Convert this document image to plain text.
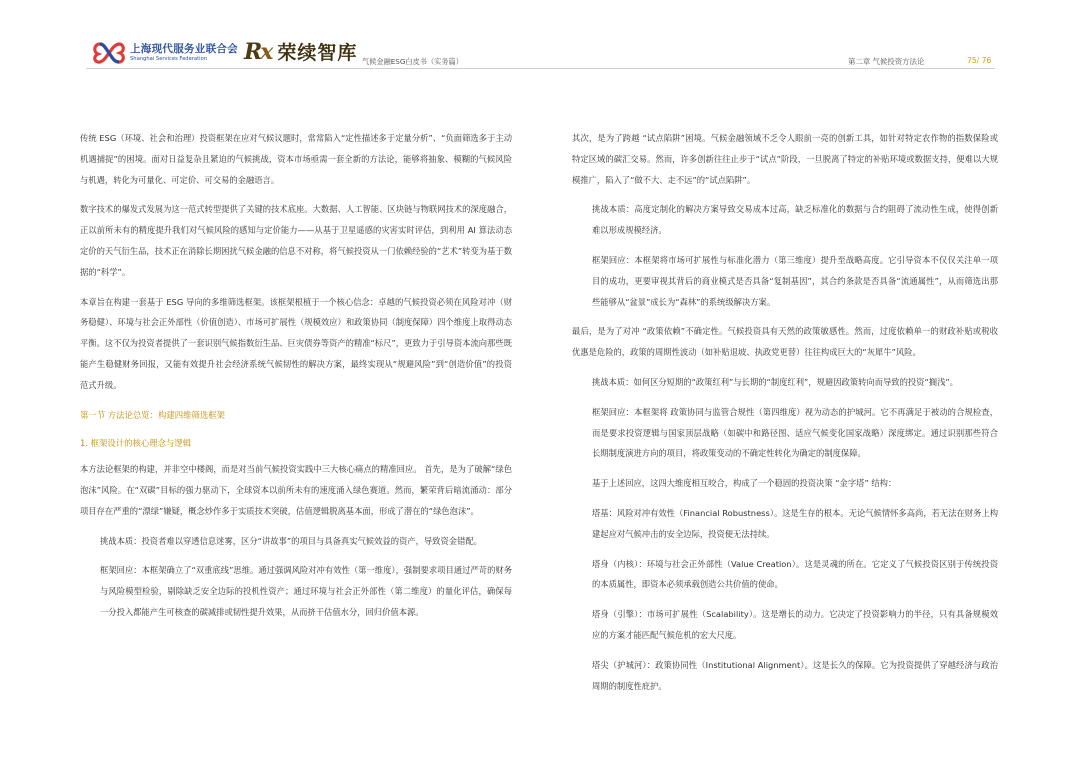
上海现代服务业联合会
Shanghai Services Federation	Rx 荣续智库 气候金融ESG白皮书（实务篇）	第二章 气候投资方法论	75/ 76

传统 ESG（环境、社会和治理）投资框架在应对气候议题时，常常陷入“定性描述多于定量分析”、“负面筛选多于主动机遇捕捉”的困境。面对日益复杂且紧迫的气候挑战，资本市场亟需一套全新的方法论，能够将抽象、模糊的气候风险与机遇，转化为可量化、可定价、可交易的金融语言。

数字技术的爆发式发展为这一范式转型提供了关键的技术底座。大数据、人工智能、区块链与物联网技术的深度融合，正以前所未有的精度提升我们对气候风险的感知与定价能力——从基于卫星遥感的灾害实时评估，到利用 AI 算法动态定价的天气衍生品，技术正在消除长期困扰气候金融的信息不对称，将气候投资从一门依赖经验的“艺术”转变为基于数据的“科学”。

本章旨在构建一套基于 ESG 导向的多维筛选框架。该框架根植于一个核心信念：卓越的气候投资必须在风险对冲（财务稳健）、环境与社会正外部性（价值创造）、市场可扩展性（规模效应）和政策协同（制度保障）四个维度上取得动态平衡。这不仅为投资者提供了一套识别气候指数衍生品、巨灾债券等资产的精准“标尺”，更致力于引导资本流向那些既能产生稳健财务回报，又能有效提升社会经济系统气候韧性的解决方案，最终实现从“规避风险”到“创造价值”的投资范式升级。

第一节 方法论总览：构建四维筛选框架
1. 框架设计的核心理念与逻辑

本方法论框架的构建，并非空中楼阁，而是对当前气候投资实践中三大核心痛点的精准回应。 首先，是为了破解“绿色泡沫”风险。在“双碳”目标的强力驱动下，全球资本以前所未有的速度涌入绿色赛道。然而，繁荣背后暗流涌动：部分项目存在严重的“漂绿”嫌疑，概念炒作多于实质技术突破，估值逻辑脱离基本面，形成了潜在的“绿色泡沫”。

挑战本质：投资者难以穿透信息迷雾，区分“讲故事”的项目与具备真实气候效益的资产，导致资金错配。

框架回应：本框架确立了“双重底线”思维。通过强调风险对冲有效性（第一维度），强制要求项目通过严苛的财务与风险模型检验，剔除缺乏安全边际的投机性资产；通过环境与社会正外部性（第二维度）的量化评估，确保每一分投入都能产生可核查的碳减排或韧性提升效果，从而挤干估值水分，回归价值本源。

其次，是为了跨越 “试点陷阱”困境。气候金融领域不乏令人眼前一亮的创新工具，如针对特定农作物的指数保险或特定区域的碳汇交易。然而，许多创新往往止步于“试点”阶段，一旦脱离了特定的补贴环境或数据支持，便难以大规模推广，陷入了“做不大、走不远”的“试点陷阱”。

挑战本质：高度定制化的解决方案导致交易成本过高，缺乏标准化的数据与合约阻碍了流动性生成，使得创新难以形成规模经济。

框架回应：本框架将市场可扩展性与标准化潜力（第三维度）提升至战略高度。它引导资本不仅仅关注单一项目的成功，更要审视其背后的商业模式是否具备“复制基因”，其合约条款是否具备“流通属性”，从而筛选出那些能够从“盆景”成长为“森林”的系统级解决方案。

最后，是为了对冲 “政策依赖”不确定性。气候投资具有天然的政策敏感性。然而，过度依赖单一的财政补贴或税收优惠是危险的，政策的周期性波动（如补贴退坡、执政党更替）往往构成巨大的“灰犀牛”风险。

挑战本质：如何区分短期的“政策红利”与长期的“制度红利”，规避因政策转向而导致的投资“搁浅”。

框架回应：本框架将 政策协同与监管合规性（第四维度）视为动态的护城河。它不再满足于被动的合规检查，而是要求投资逻辑与国家顶层战略（如碳中和路径图、适应气候变化国家战略）深度绑定。通过识别那些符合长期制度演进方向的项目，将政策变动的不确定性转化为确定的制度保障。

基于上述回应，这四大维度相互咬合，构成了一个稳固的投资决策 “金字塔” 结构：

塔基：风险对冲有效性（Financial Robustness）。这是生存的根本。无论气候情怀多高尚，若无法在财务上构建起应对气候冲击的安全边际，投资便无法持续。

塔身（内核）：环境与社会正外部性（Value Creation）。这是灵魂的所在。它定义了气候投资区别于传统投资的本质属性，即资本必须承载创造公共价值的使命。

塔身（引擎）：市场可扩展性（Scalability）。这是增长的动力。它决定了投资影响力的半径，只有具备规模效应的方案才能匹配气候危机的宏大尺度。

塔尖（护城河）：政策协同性（Institutional Alignment）。这是长久的保障。它为投资提供了穿越经济与政治周期的制度性庇护。
